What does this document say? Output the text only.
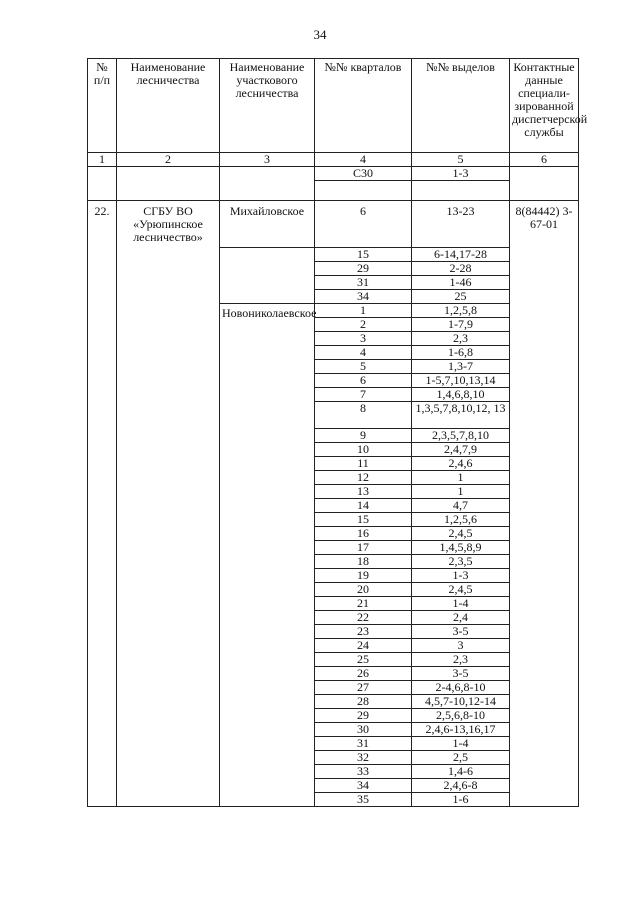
34
№ п/п	Наименование лесничества	Наименование участкового лесничества	№№ кварталов	№№ выделов	Контактные данные специали-зированной диспетчерской службы
1	2	3	4	5	6
			С30	1-3	

22.	СГБУ ВО «Урюпинское лесничество»	Михайловское	6	13-23	8(84442) 3-67-01
			15	6-14,17-28	
			29	2-28	
			31	1-46	
			34	25	
		Новониколаевское	1	1,2,5,8	
			2	1-7,9	
			3	2,3	
			4	1-6,8	
			5	1,3-7	
			6	1-5,7,10,13,14	
			7	1,4,6,8,10	
			8	1,3,5,7,8,10,12, 13	
			9	2,3,5,7,8,10	
			10	2,4,7,9	
			11	2,4,6	
			12	1	
			13	1	
			14	4,7	
			15	1,2,5,6	
			16	2,4,5	
			17	1,4,5,8,9	
			18	2,3,5	
			19	1-3	
			20	2,4,5	
			21	1-4	
			22	2,4	
			23	3-5	
			24	3	
			25	2,3	
			26	3-5	
			27	2-4,6,8-10	
			28	4,5,7-10,12-14	
			29	2,5,6,8-10	
			30	2,4,6-13,16,17	
			31	1-4	
			32	2,5	
			33	1,4-6	
			34	2,4,6-8	
			35	1-6	
